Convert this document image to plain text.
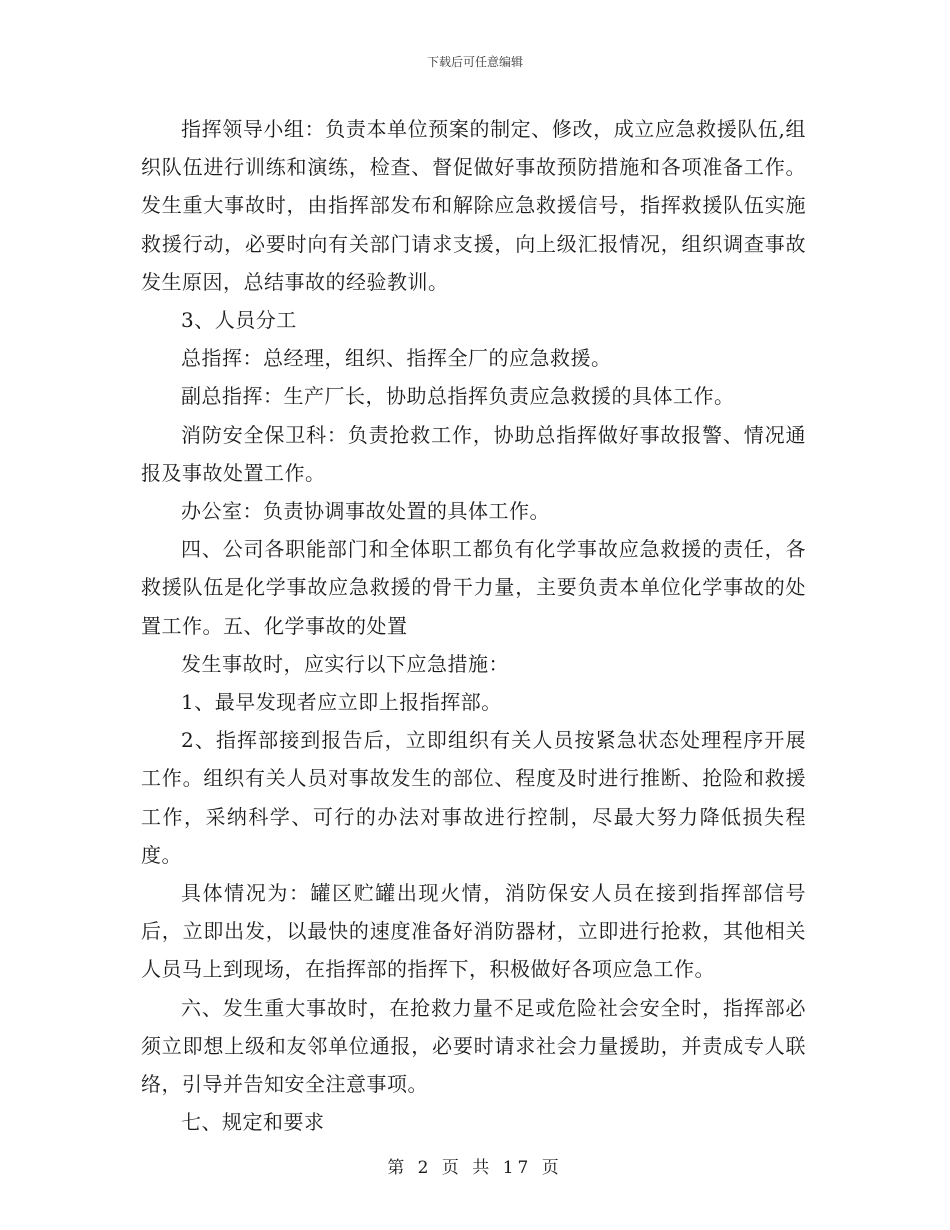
下载后可任意编辑

指挥领导小组：负责本单位预案的制定、修改，成立应急救援队伍,组织队伍进行训练和演练，检查、督促做好事故预防措施和各项准备工作。发生重大事故时，由指挥部发布和解除应急救援信号，指挥救援队伍实施救援行动，必要时向有关部门请求支援，向上级汇报情况，组织调查事故发生原因，总结事故的经验教训。

3、人员分工

总指挥：总经理，组织、指挥全厂的应急救援。

副总指挥：生产厂长，协助总指挥负责应急救援的具体工作。

消防安全保卫科：负责抢救工作，协助总指挥做好事故报警、情况通报及事故处置工作。

办公室：负责协调事故处置的具体工作。

四、公司各职能部门和全体职工都负有化学事故应急救援的责任，各救援队伍是化学事故应急救援的骨干力量，主要负责本单位化学事故的处置工作。五、化学事故的处置

发生事故时，应实行以下应急措施：

1、最早发现者应立即上报指挥部。

2、指挥部接到报告后，立即组织有关人员按紧急状态处理程序开展工作。组织有关人员对事故发生的部位、程度及时进行推断、抢险和救援工作，采纳科学、可行的办法对事故进行控制，尽最大努力降低损失程度。

具体情况为：罐区贮罐出现火情，消防保安人员在接到指挥部信号后，立即出发，以最快的速度准备好消防器材，立即进行抢救，其他相关人员马上到现场，在指挥部的指挥下，积极做好各项应急工作。

六、发生重大事故时，在抢救力量不足或危险社会安全时，指挥部必须立即想上级和友邻单位通报，必要时请求社会力量援助，并责成专人联络，引导并告知安全注意事项。

七、规定和要求

第 2 页 共 17 页
